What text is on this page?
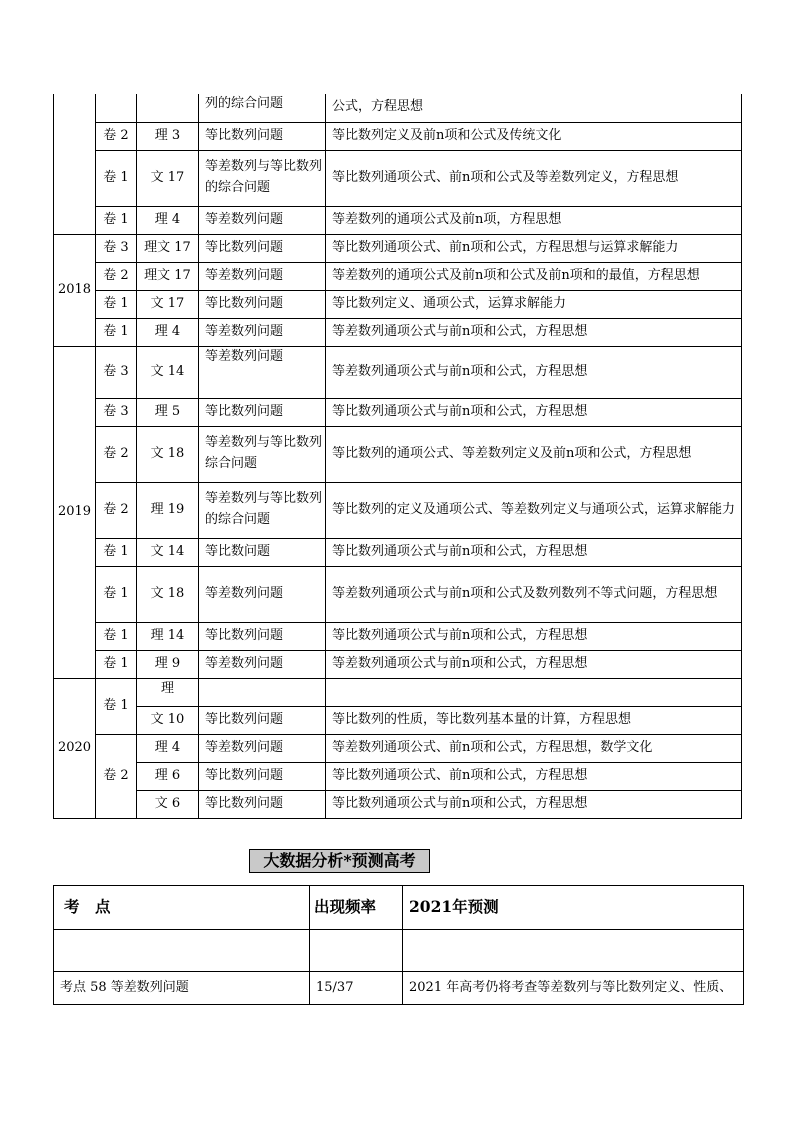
			列的综合问题	公式，方程思想
	卷 2	理 3	等比数列问题	等比数列定义及前n项和公式及传统文化
	卷 1	文 17	等差数列与等比数列的综合问题	等比数列通项公式、前n项和公式及等差数列定义，方程思想
	卷 1	理 4	等差数列问题	等差数列的通项公式及前n项，方程思想
2018	卷 3	理文 17	等比数列问题	等比数列通项公式、前n项和公式，方程思想与运算求解能力
	卷 2	理文 17	等差数列问题	等差数列的通项公式及前n项和公式及前n项和的最值，方程思想
	卷 1	文 17	等比数列问题	等比数列定义、通项公式，运算求解能力
	卷 1	理 4	等差数列问题	等差数列通项公式与前n项和公式，方程思想
2019	卷 3	文 14	等差数列问题	等差数列通项公式与前n项和公式，方程思想
	卷 3	理 5	等比数列问题	等比数列通项公式与前n项和公式，方程思想
	卷 2	文 18	等差数列与等比数列综合问题	等比数列的通项公式、等差数列定义及前n项和公式，方程思想
	卷 2	理 19	等差数列与等比数列的综合问题	等比数列的定义及通项公式、等差数列定义与通项公式，运算求解能力
	卷 1	文 14	等比数问题	等比数列通项公式与前n项和公式，方程思想
	卷 1	文 18	等差数列问题	等差数列通项公式与前n项和公式及数列数列不等式问题，方程思想
	卷 1	理 14	等比数列问题	等比数列通项公式与前n项和公式，方程思想
	卷 1	理 9	等差数列问题	等差数列通项公式与前n项和公式，方程思想
2020	卷 1	理		
		文 10	等比数列问题	等比数列的性质，等比数列基本量的计算，方程思想
	卷 2	理 4	等差数列问题	等差数列通项公式、前n项和公式，方程思想，数学文化
		理 6	等比数列问题	等比数列通项公式、前n项和公式，方程思想
		文 6	等比数列问题	等比数列通项公式与前n项和公式，方程思想
大数据分析*预测高考
考　点	出现频率	2021年预测

考点 58 等差数列问题	15/37	2021 年高考仍将考查等差数列与等比数列定义、性质、
